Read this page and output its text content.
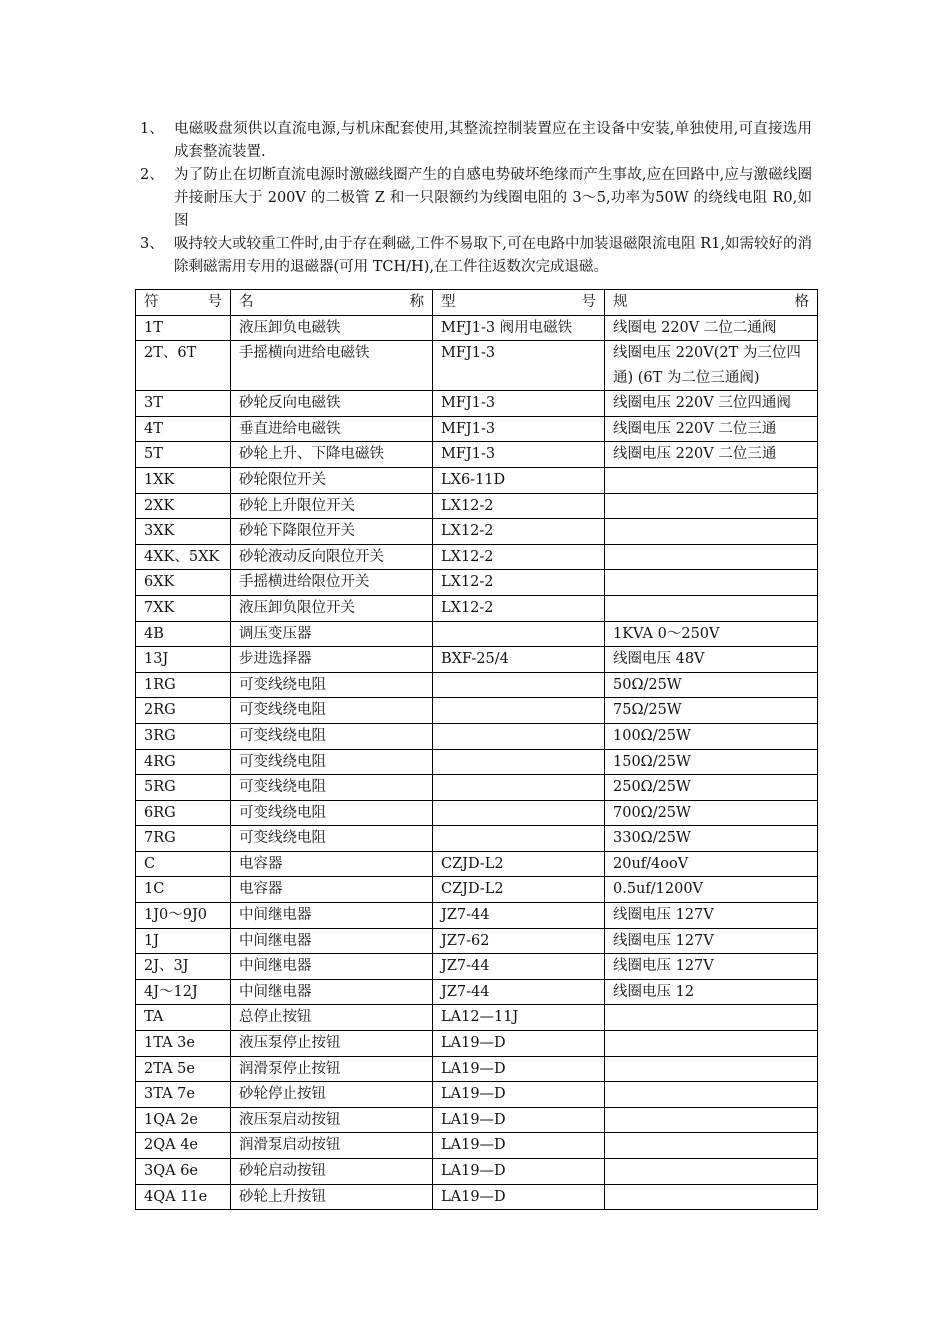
1、 电磁吸盘须供以直流电源,与机床配套使用,其整流控制装置应在主设备中安装,单独使用,可直接选用成套整流装置.
2、 为了防止在切断直流电源时激磁线圈产生的自感电势破坏绝缘而产生事故,应在回路中,应与激磁线圈并接耐压大于 200V 的二极管 Z 和一只限额约为线圈电阻的 3～5,功率为50W 的绕线电阻 R0,如图
3、 吸持较大或较重工件时,由于存在剩磁,工件不易取下,可在电路中加装退磁限流电阻 R1,如需较好的消除剩磁需用专用的退磁器(可用 TCH/H),在工件往返数次完成退磁。
符 号	名 称	型 号	规 格

1T	液压卸负电磁铁	MFJ1-3 阀用电磁铁	线圈电 220V 二位二通阀
2T、6T	手摇横向进给电磁铁	MFJ1-3	线圈电压 220V(2T 为三位四通) (6T 为二位三通阀)
3T	砂轮反向电磁铁	MFJ1-3	线圈电压 220V 三位四通阀
4T	垂直进给电磁铁	MFJ1-3	线圈电压 220V 二位三通
5T	砂轮上升、下降电磁铁	MFJ1-3	线圈电压 220V 二位三通
1XK	砂轮限位开关	LX6-11D	
2XK	砂轮上升限位开关	LX12-2	
3XK	砂轮下降限位开关	LX12-2	
4XK、5XK	砂轮液动反向限位开关	LX12-2	
6XK	手摇横进给限位开关	LX12-2	
7XK	液压卸负限位开关	LX12-2	
4B	调压变压器		1KVA 0～250V
13J	步进选择器	BXF-25/4	线圈电压 48V
1RG	可变线绕电阻		50Ω/25W
2RG	可变线绕电阻		75Ω/25W
3RG	可变线绕电阻		100Ω/25W
4RG	可变线绕电阻		150Ω/25W
5RG	可变线绕电阻		250Ω/25W
6RG	可变线绕电阻		700Ω/25W
7RG	可变线绕电阻		330Ω/25W
C	电容器	CZJD-L2	20uf/4ooV
1C	电容器	CZJD-L2	0.5uf/1200V
1J0～9J0	中间继电器	JZ7-44	线圈电压 127V
1J	中间继电器	JZ7-62	线圈电压 127V
2J、3J	中间继电器	JZ7-44	线圈电压 127V
4J～12J	中间继电器	JZ7-44	线圈电压 12
TA	总停止按钮	LA12—11J	
1TA 3e	液压泵停止按钮	LA19—D	
2TA 5e	润滑泵停止按钮	LA19—D	
3TA 7e	砂轮停止按钮	LA19—D	
1QA 2e	液压泵启动按钮	LA19—D	
2QA 4e	润滑泵启动按钮	LA19—D	
3QA 6e	砂轮启动按钮	LA19—D	
4QA 11e	砂轮上升按钮	LA19—D	
